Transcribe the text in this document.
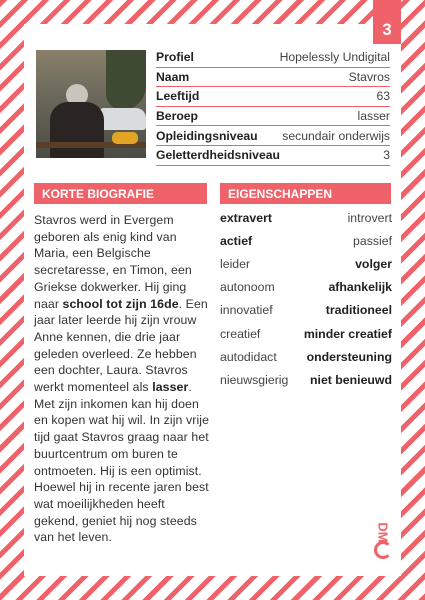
3
Profiel	Hopelessly Undigital
Naam	Stavros
Leeftijd	63
Beroep	lasser
Opleidingsniveau secundair onderwijs
Geletterdheidsniveau	3
KORTE BIOGRAFIE	EIGENSCHAPPEN
Stavros werd in Evergem geboren als enig kind van Maria, een Belgische secretaresse, en Timon, een Griekse dokwerker. Hij ging naar school tot zijn 16de. Een jaar later leerde hij zijn vrouw Anne kennen, die drie jaar geleden overleed. Ze hebben een dochter, Laura. Stavros werkt momenteel als lasser. Met zijn inkomen kan hij doen en kopen wat hij wil. In zijn vrije tijd gaat Stavros graag naar het buurtcentrum om buren te ontmoeten. Hij is een optimist. Hoewel hij in recente jaren best wat moeilijkheden heeft gekend, geniet hij nog steeds van het leven.
extravert	introvert
actief	passief
leider	volger
autonoom	afhankelijk
innovatief	traditioneel
creatief	minder creatief
autodidact ondersteuning
nieuwsgierig niet benieuwd
DM
